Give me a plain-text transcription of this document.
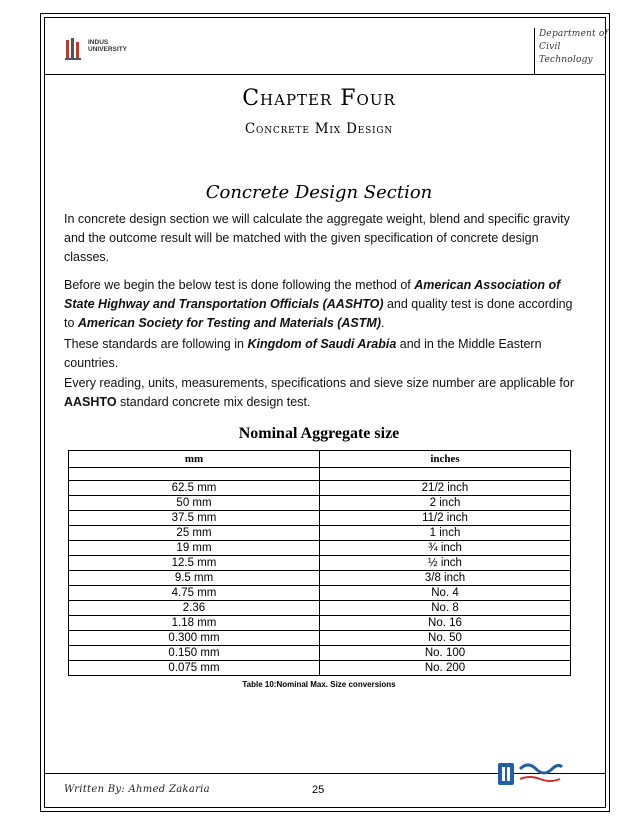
INDUS
UNIVERSITY
Department of
Civil
Technology
Chapter Four
Concrete Mix Design
Concrete Design Section
In concrete design section we will calculate the aggregate weight, blend and specific gravity and the outcome result will be matched with the given specification of concrete design classes.
Before we begin the below test is done following the method of American Association of State Highway and Transportation Officials (AASHTO) and quality test is done according to American Society for Testing and Materials (ASTM).
These standards are following in Kingdom of Saudi Arabia and in the Middle Eastern countries.
Every reading, units, measurements, specifications and sieve size number are applicable for AASHTO standard concrete mix design test.
Nominal Aggregate size
mm	inches

62.5 mm	21/2 inch
50 mm	2 inch
37.5 mm	11/2 inch
25 mm	1 inch
19 mm	¾ inch
12.5 mm	½ inch
9.5 mm	3/8 inch
4.75 mm	No. 4
2.36	No. 8
1.18 mm	No. 16
0.300 mm	No. 50
0.150 mm	No. 100
0.075 mm	No. 200
Table 10:Nominal Max. Size conversions
Written By: Ahmed Zakaria	25
